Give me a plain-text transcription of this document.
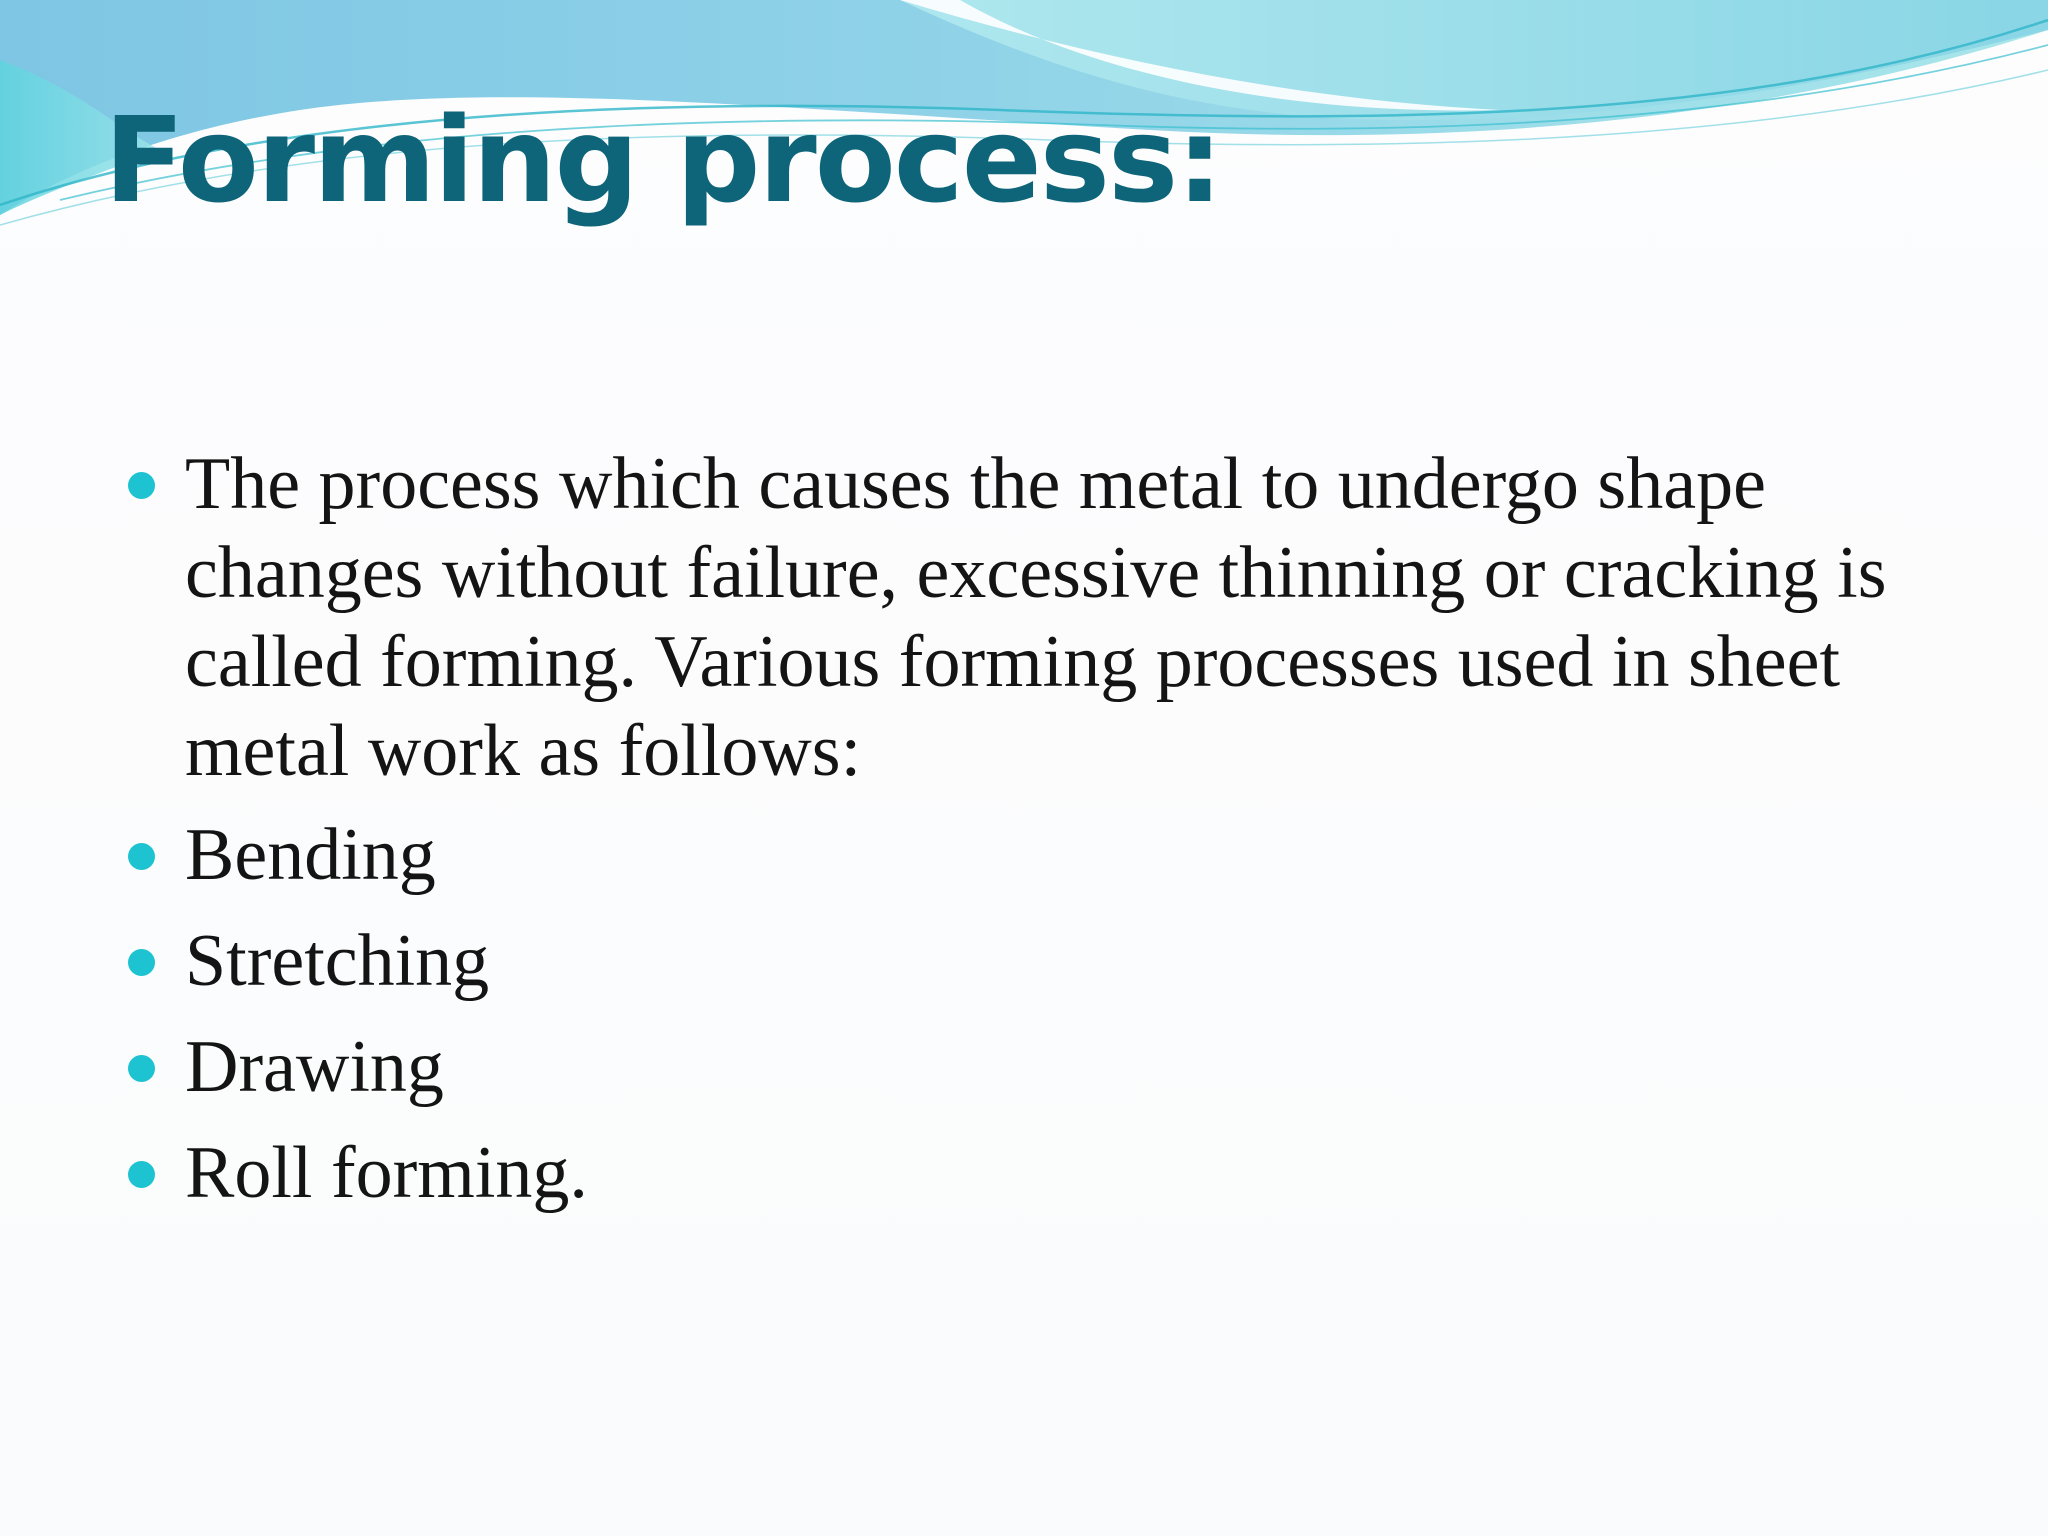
Forming process:
The process which causes the metal to undergo shape changes without failure, excessive thinning or cracking is called forming. Various forming processes used in sheet metal work as follows:
Bending
Stretching
Drawing
Roll forming.
